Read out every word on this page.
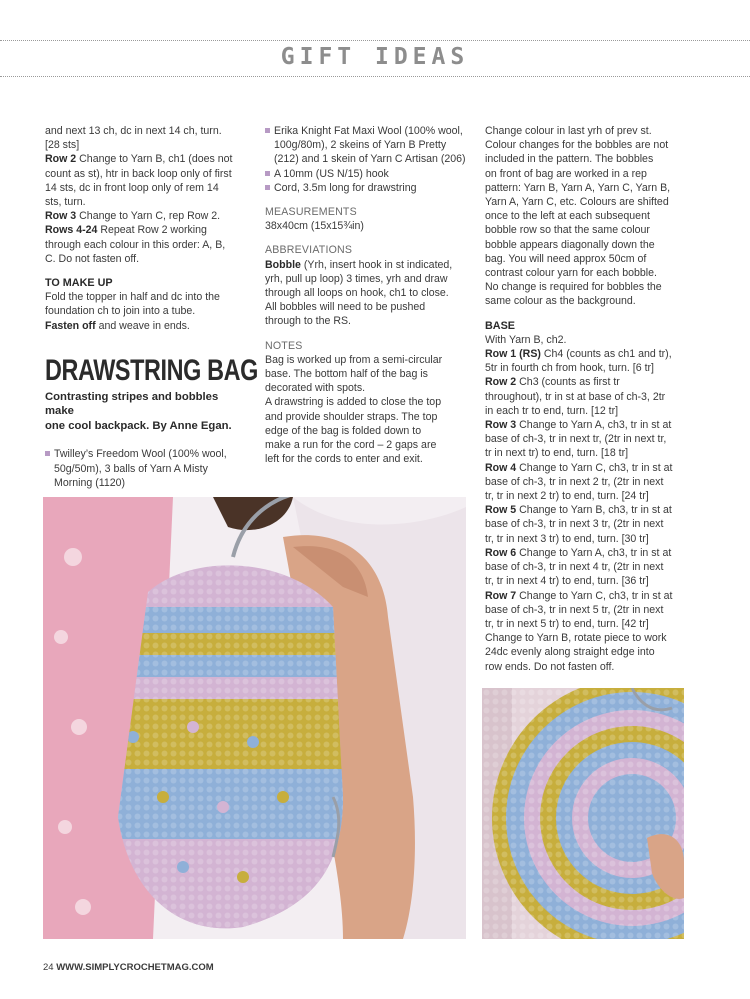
GIFT IDEAS

and next 13 ch, dc in next 14 ch, turn.

[28 sts]

Row 2 Change to Yarn B, ch1 (does not

count as st), htr in back loop only of first

14 sts, dc in front loop only of rem 14

sts, turn.

Row 3 Change to Yarn C, rep Row 2.

Rows 4-24 Repeat Row 2 working

through each colour in this order: A, B,

C. Do not fasten off.

TO MAKE UP

Fold the topper in half and dc into the

foundation ch to join into a tube.

Fasten off and weave in ends.

DRAWSTRING BAG

Contrasting stripes and bobbles make

one cool backpack. By Anne Egan.

Twilley’s Freedom Wool (100% wool,

50g/50m), 3 balls of Yarn A Misty

Morning (1120)

Erika Knight Fat Maxi Wool (100% wool,

100g/80m), 2 skeins of Yarn B Pretty

(212) and 1 skein of Yarn C Artisan (206)

A 10mm (US N/15) hook

Cord, 3.5m long for drawstring

MEASUREMENTS

38x40cm (15x15¾in)

ABBREVIATIONS

Bobble (Yrh, insert hook in st indicated,

yrh, pull up loop) 3 times, yrh and draw

through all loops on hook, ch1 to close.

All bobbles will need to be pushed

through to the RS.

NOTES

Bag is worked up from a semi-circular

base. The bottom half of the bag is

decorated with spots.

A drawstring is added to close the top

and provide shoulder straps. The top

edge of the bag is folded down to

make a run for the cord – 2 gaps are

left for the cords to enter and exit.

Change colour in last yrh of prev st.

Colour changes for the bobbles are not

included in the pattern. The bobbles

on front of bag are worked in a rep

pattern: Yarn B, Yarn A, Yarn C, Yarn B,

Yarn A, Yarn C, etc. Colours are shifted

once to the left at each subsequent

bobble row so that the same colour

bobble appears diagonally down the

bag. You will need approx 50cm of

contrast colour yarn for each bobble.

No change is required for bobbles the

same colour as the background.

BASE

With Yarn B, ch2.

Row 1 (RS) Ch4 (counts as ch1 and tr),

5tr in fourth ch from hook, turn. [6 tr]

Row 2 Ch3 (counts as first tr

throughout), tr in st at base of ch-3, 2tr

in each tr to end, turn. [12 tr]

Row 3 Change to Yarn A, ch3, tr in st at

base of ch-3, tr in next tr, (2tr in next tr,

tr in next tr) to end, turn. [18 tr]

Row 4 Change to Yarn C, ch3, tr in st at

base of ch-3, tr in next 2 tr, (2tr in next

tr, tr in next 2 tr) to end, turn. [24 tr]

Row 5 Change to Yarn B, ch3, tr in st at

base of ch-3, tr in next 3 tr, (2tr in next

tr, tr in next 3 tr) to end, turn. [30 tr]

Row 6 Change to Yarn A, ch3, tr in st at

base of ch-3, tr in next 4 tr, (2tr in next

tr, tr in next 4 tr) to end, turn. [36 tr]

Row 7 Change to Yarn C, ch3, tr in st at

base of ch-3, tr in next 5 tr, (2tr in next

tr, tr in next 5 tr) to end, turn. [42 tr]

Change to Yarn B, rotate piece to work

24dc evenly along straight edge into

row ends. Do not fasten off.

24 WWW.SIMPLYCROCHETMAG.COM
